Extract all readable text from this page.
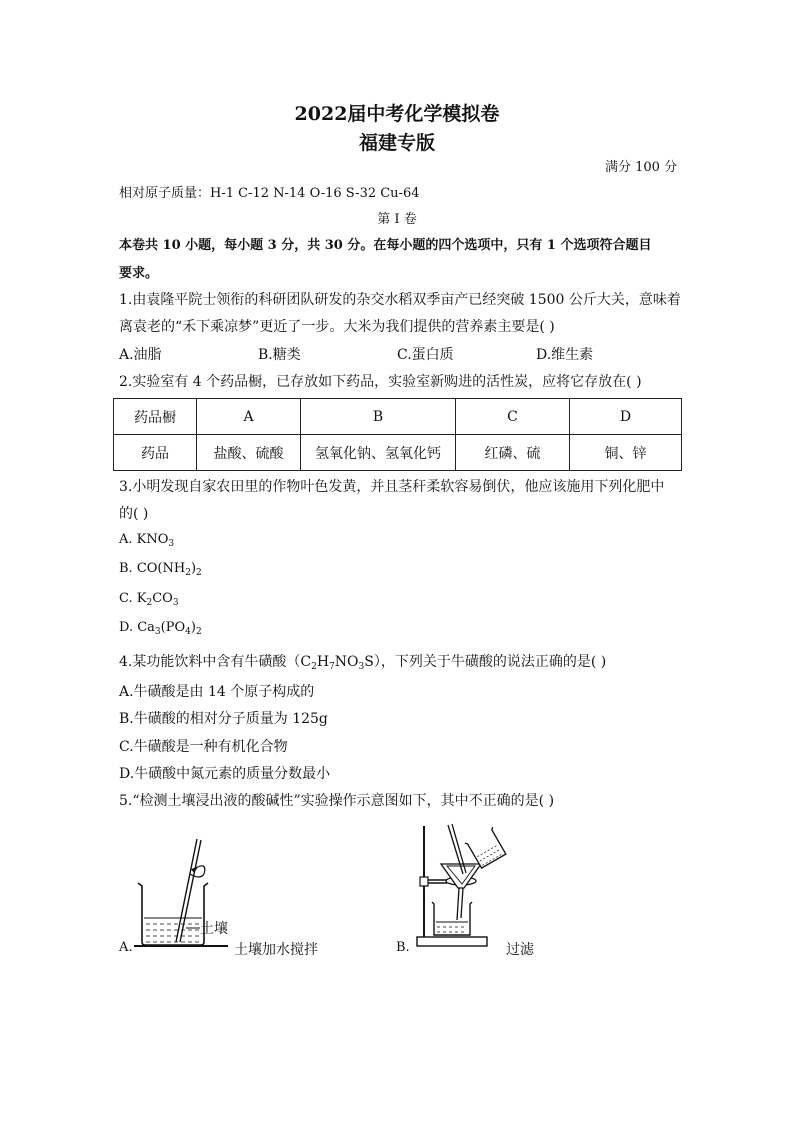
2022届中考化学模拟卷
福建专版
满分 100 分
相对原子质量：H-1 C-12 N-14 O-16 S-32 Cu-64
第 I 卷
本卷共 10 小题，每小题 3 分，共 30 分。在每小题的四个选项中，只有 1 个选项符合题目
要求。
1.由袁隆平院士领衔的科研团队研发的杂交水稻双季亩产已经突破 1500 公斤大关，意味着
离袁老的“禾下乘凉梦”更近了一步。大米为我们提供的营养素主要是( )
A.油脂	B.糖类	C.蛋白质	D.维生素
2.实验室有 4 个药品橱，已存放如下药品，实验室新购进的活性炭，应将它存放在( )
药品橱	A	B	C	D
药品	盐酸、硫酸	氢氧化钠、氢氧化钙	红磷、硫	铜、锌
3.小明发现自家农田里的作物叶色发黄，并且茎秆柔软容易倒伏，他应该施用下列化肥中
的( )
A. $KNO_3$
B. $CO(NH_2)_2$
C. $K_2CO_3$
D. $Ca_3(PO_4)_2$
4.某功能饮料中含有牛磺酸$(C_2H_7NO_3S)$，下列关于牛磺酸的说法正确的是( )
A.牛磺酸是由 14 个原子构成的
B.牛磺酸的相对分子质量为 125g
C.牛磺酸是一种有机化合物
D.牛磺酸中氮元素的质量分数最小
5.“检测土壤浸出液的酸碱性”实验操作示意图如下，其中不正确的是( )
土壤
A.	土壤加水搅拌	B.	过滤
